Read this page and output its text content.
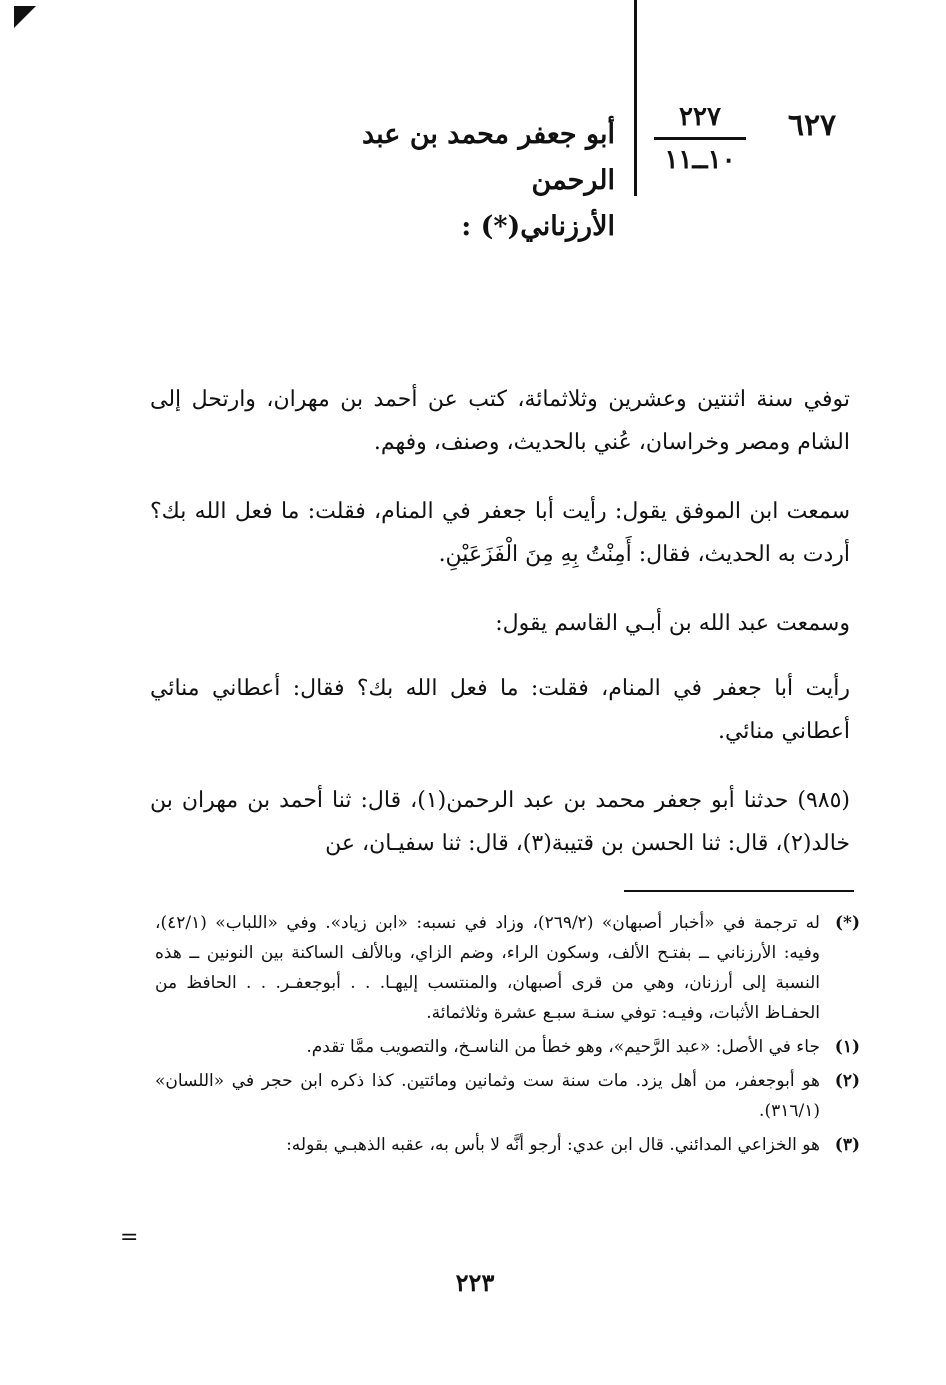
٦٢٧
٢٢٧
١٠ــ١١
أبو جعفر محمد بن عبد الرحمن
الأرزناني(*) :

توفي سنة اثنتين وعشرين وثلاثمائة، كتب عن أحمد بن مهران، وارتحل إلى الشام ومصر وخراسان، عُني بالحديث، وصنف، وفهم.

سمعت ابن الموفق يقول: رأيت أبا جعفر في المنام، فقلت: ما فعل الله بك؟ أردت به الحديث، فقال: أَمِنْتُ بِهِ مِنَ الْفَزَعَيْنِ.

وسمعت عبد الله بن أبـي القاسم يقول:

رأيت أبا جعفر في المنام، فقلت: ما فعل الله بك؟ فقال: أعطاني منائي أعطاني منائي.

(٩٨٥) حدثنا أبو جعفر محمد بن عبد الرحمن(١)، قال: ثنا أحمد بن مهران بن خالد(٢)، قال: ثنا الحسن بن قتيبة(٣)، قال: ثنا سفيـان، عن

(*)
له ترجمة في «أخبار أصبهان» (٢٦٩/٢)، وزاد في نسبه: «ابن زياد». وفي «اللباب» (٤٢/١)، وفيه: الأرزناني ــ بفتـح الألف، وسكون الراء، وضم الزاي، وبالألف الساكنة بين النونين ــ هذه النسبة إلى أرزنان، وهي من قرى أصبهان، والمنتسب إليهـا. . . أبوجعفـر. . . الحافظ من الحفـاظ الأثبات، وفيـه: توفي سنـة سبـع عشرة وثلاثمائة.
(١)
جاء في الأصل: «عبد الرَّحيم»، وهو خطأ من الناسـخ، والتصويب ممَّا تقدم.
(٢)
هو أبوجعفر، من أهل يزد. مات سنة ست وثمانين ومائتين. كذا ذكره ابن حجر في «اللسان» (٣١٦/١).
(٣)
هو الخزاعي المدائني. قال ابن عدي: أرجو أنَّه لا بأس به، عقبه الذهبـي بقوله:
=
٢٢٣
